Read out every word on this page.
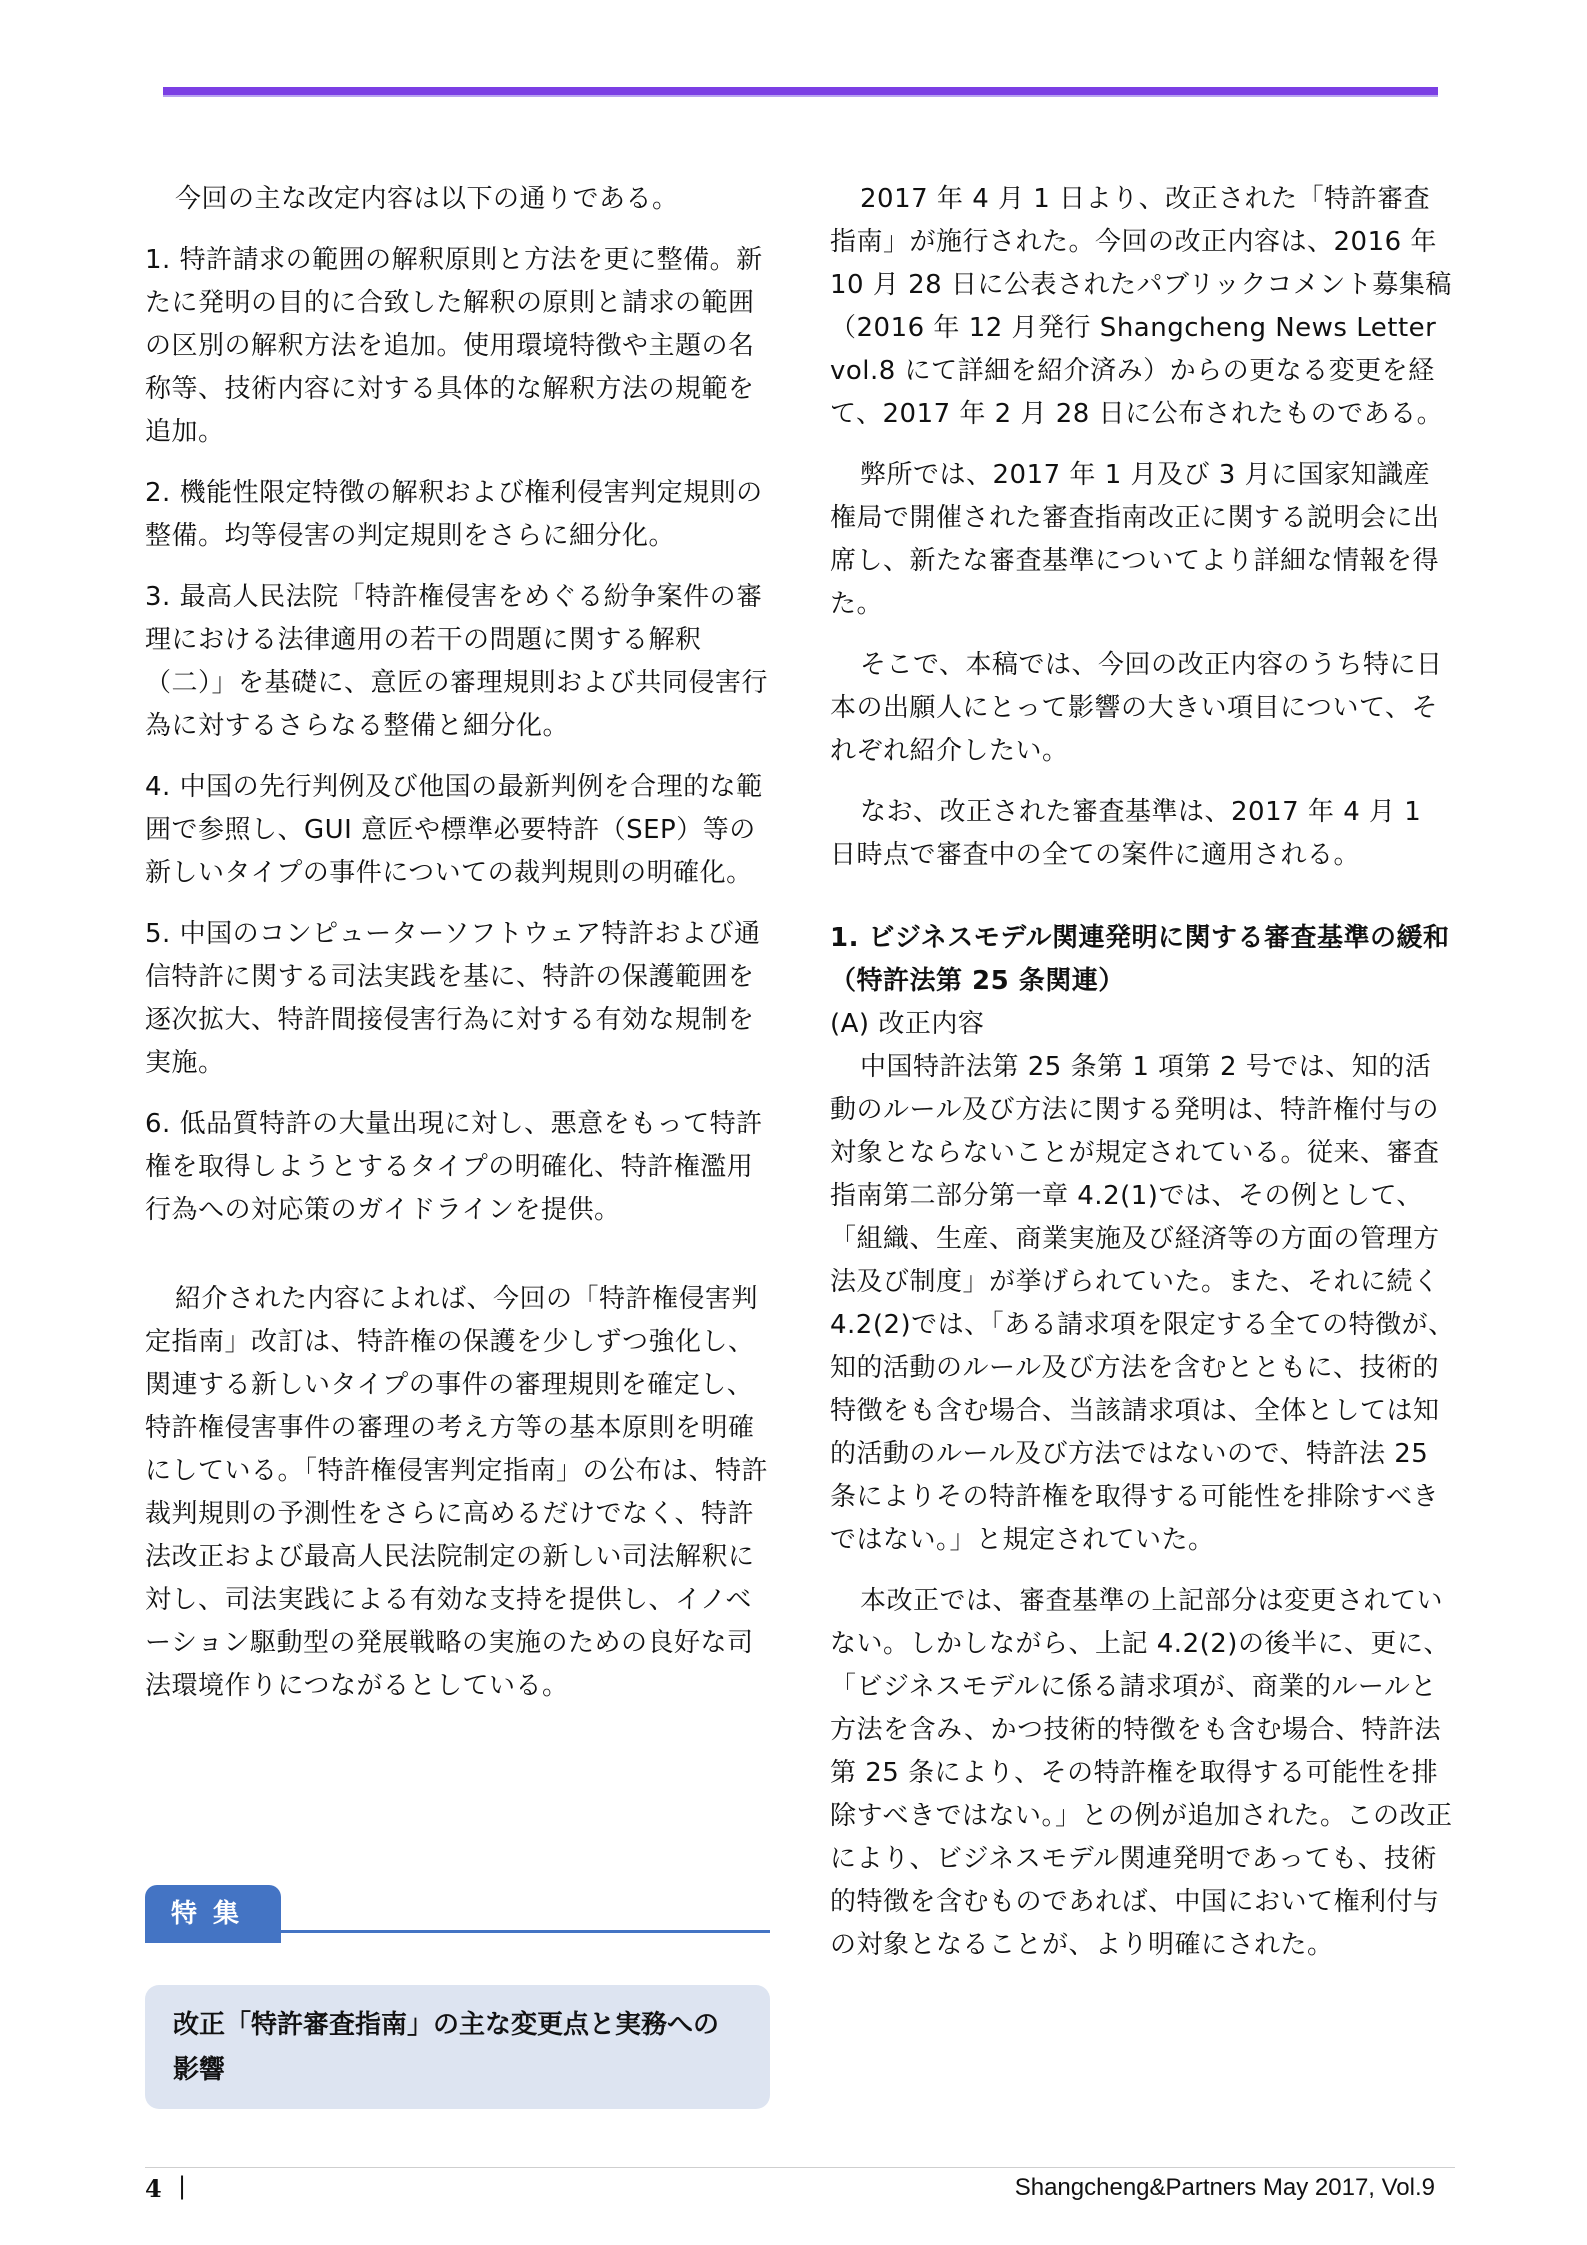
今回の主な改定内容は以下の通りである。

1. 特許請求の範囲の解釈原則と方法を更に整備。新たに発明の目的に合致した解釈の原則と請求の範囲の区別の解釈方法を追加。使用環境特徴や主題の名称等、技術内容に対する具体的な解釈方法の規範を追加。

2. 機能性限定特徴の解釈および権利侵害判定規則の整備。均等侵害の判定規則をさらに細分化。

3. 最高人民法院「特許権侵害をめぐる紛争案件の審理における法律適用の若干の問題に関する解釈（二）」を基礎に、意匠の審理規則および共同侵害行為に対するさらなる整備と細分化。

4. 中国の先行判例及び他国の最新判例を合理的な範囲で参照し、GUI 意匠や標準必要特許（SEP）等の新しいタイプの事件についての裁判規則の明確化。

5. 中国のコンピューターソフトウェア特許および通信特許に関する司法実践を基に、特許の保護範囲を逐次拡大、特許間接侵害行為に対する有効な規制を実施。

6. 低品質特許の大量出現に対し、悪意をもって特許権を取得しようとするタイプの明確化、特許権濫用行為への対応策のガイドラインを提供。

紹介された内容によれば、今回の「特許権侵害判定指南」改訂は、特許権の保護を少しずつ強化し、関連する新しいタイプの事件の審理規則を確定し、特許権侵害事件の審理の考え方等の基本原則を明確にしている。「特許権侵害判定指南」の公布は、特許裁判規則の予測性をさらに高めるだけでなく、特許法改正および最高人民法院制定の新しい司法解釈に対し、司法実践による有効な支持を提供し、イノベーション駆動型の発展戦略の実施のための良好な司法環境作りにつながるとしている。

特集
改正「特許審査指南」の主な変更点と実務への影響

2017 年 4 月 1 日より、改正された「特許審査指南」が施行された。今回の改正内容は、2016 年 10 月 28 日に公表されたパブリックコメント募集稿（2016 年 12 月発行 Shangcheng News Letter vol.8 にて詳細を紹介済み）からの更なる変更を経て、2017 年 2 月 28 日に公布されたものである。

弊所では、2017 年 1 月及び 3 月に国家知識産権局で開催された審査指南改正に関する説明会に出席し、新たな審査基準についてより詳細な情報を得た。

そこで、本稿では、今回の改正内容のうち特に日本の出願人にとって影響の大きい項目について、それぞれ紹介したい。

なお、改正された審査基準は、2017 年 4 月 1 日時点で審査中の全ての案件に適用される。

1. ビジネスモデル関連発明に関する審査基準の緩和（特許法第 25 条関連）

(A) 改正内容

中国特許法第 25 条第 1 項第 2 号では、知的活動のルール及び方法に関する発明は、特許権付与の対象とならないことが規定されている。従来、審査指南第二部分第一章 4.2(1)では、その例として、「組織、生産、商業実施及び経済等の方面の管理方法及び制度」が挙げられていた。また、それに続く 4.2(2)では、「ある請求項を限定する全ての特徴が、知的活動のルール及び方法を含むとともに、技術的特徴をも含む場合、当該請求項は、全体としては知的活動のルール及び方法ではないので、特許法 25 条によりその特許権を取得する可能性を排除すべきではない。」と規定されていた。

本改正では、審査基準の上記部分は変更されていない。しかしながら、上記 4.2(2)の後半に、更に、「ビジネスモデルに係る請求項が、商業的ルールと方法を含み、かつ技術的特徴をも含む場合、特許法第 25 条により、その特許権を取得する可能性を排除すべきではない。」との例が追加された。この改正により、ビジネスモデル関連発明であっても、技術的特徴を含むものであれば、中国において権利付与の対象となることが、より明確にされた。

4 |	Shangcheng&Partners May 2017, Vol.9
